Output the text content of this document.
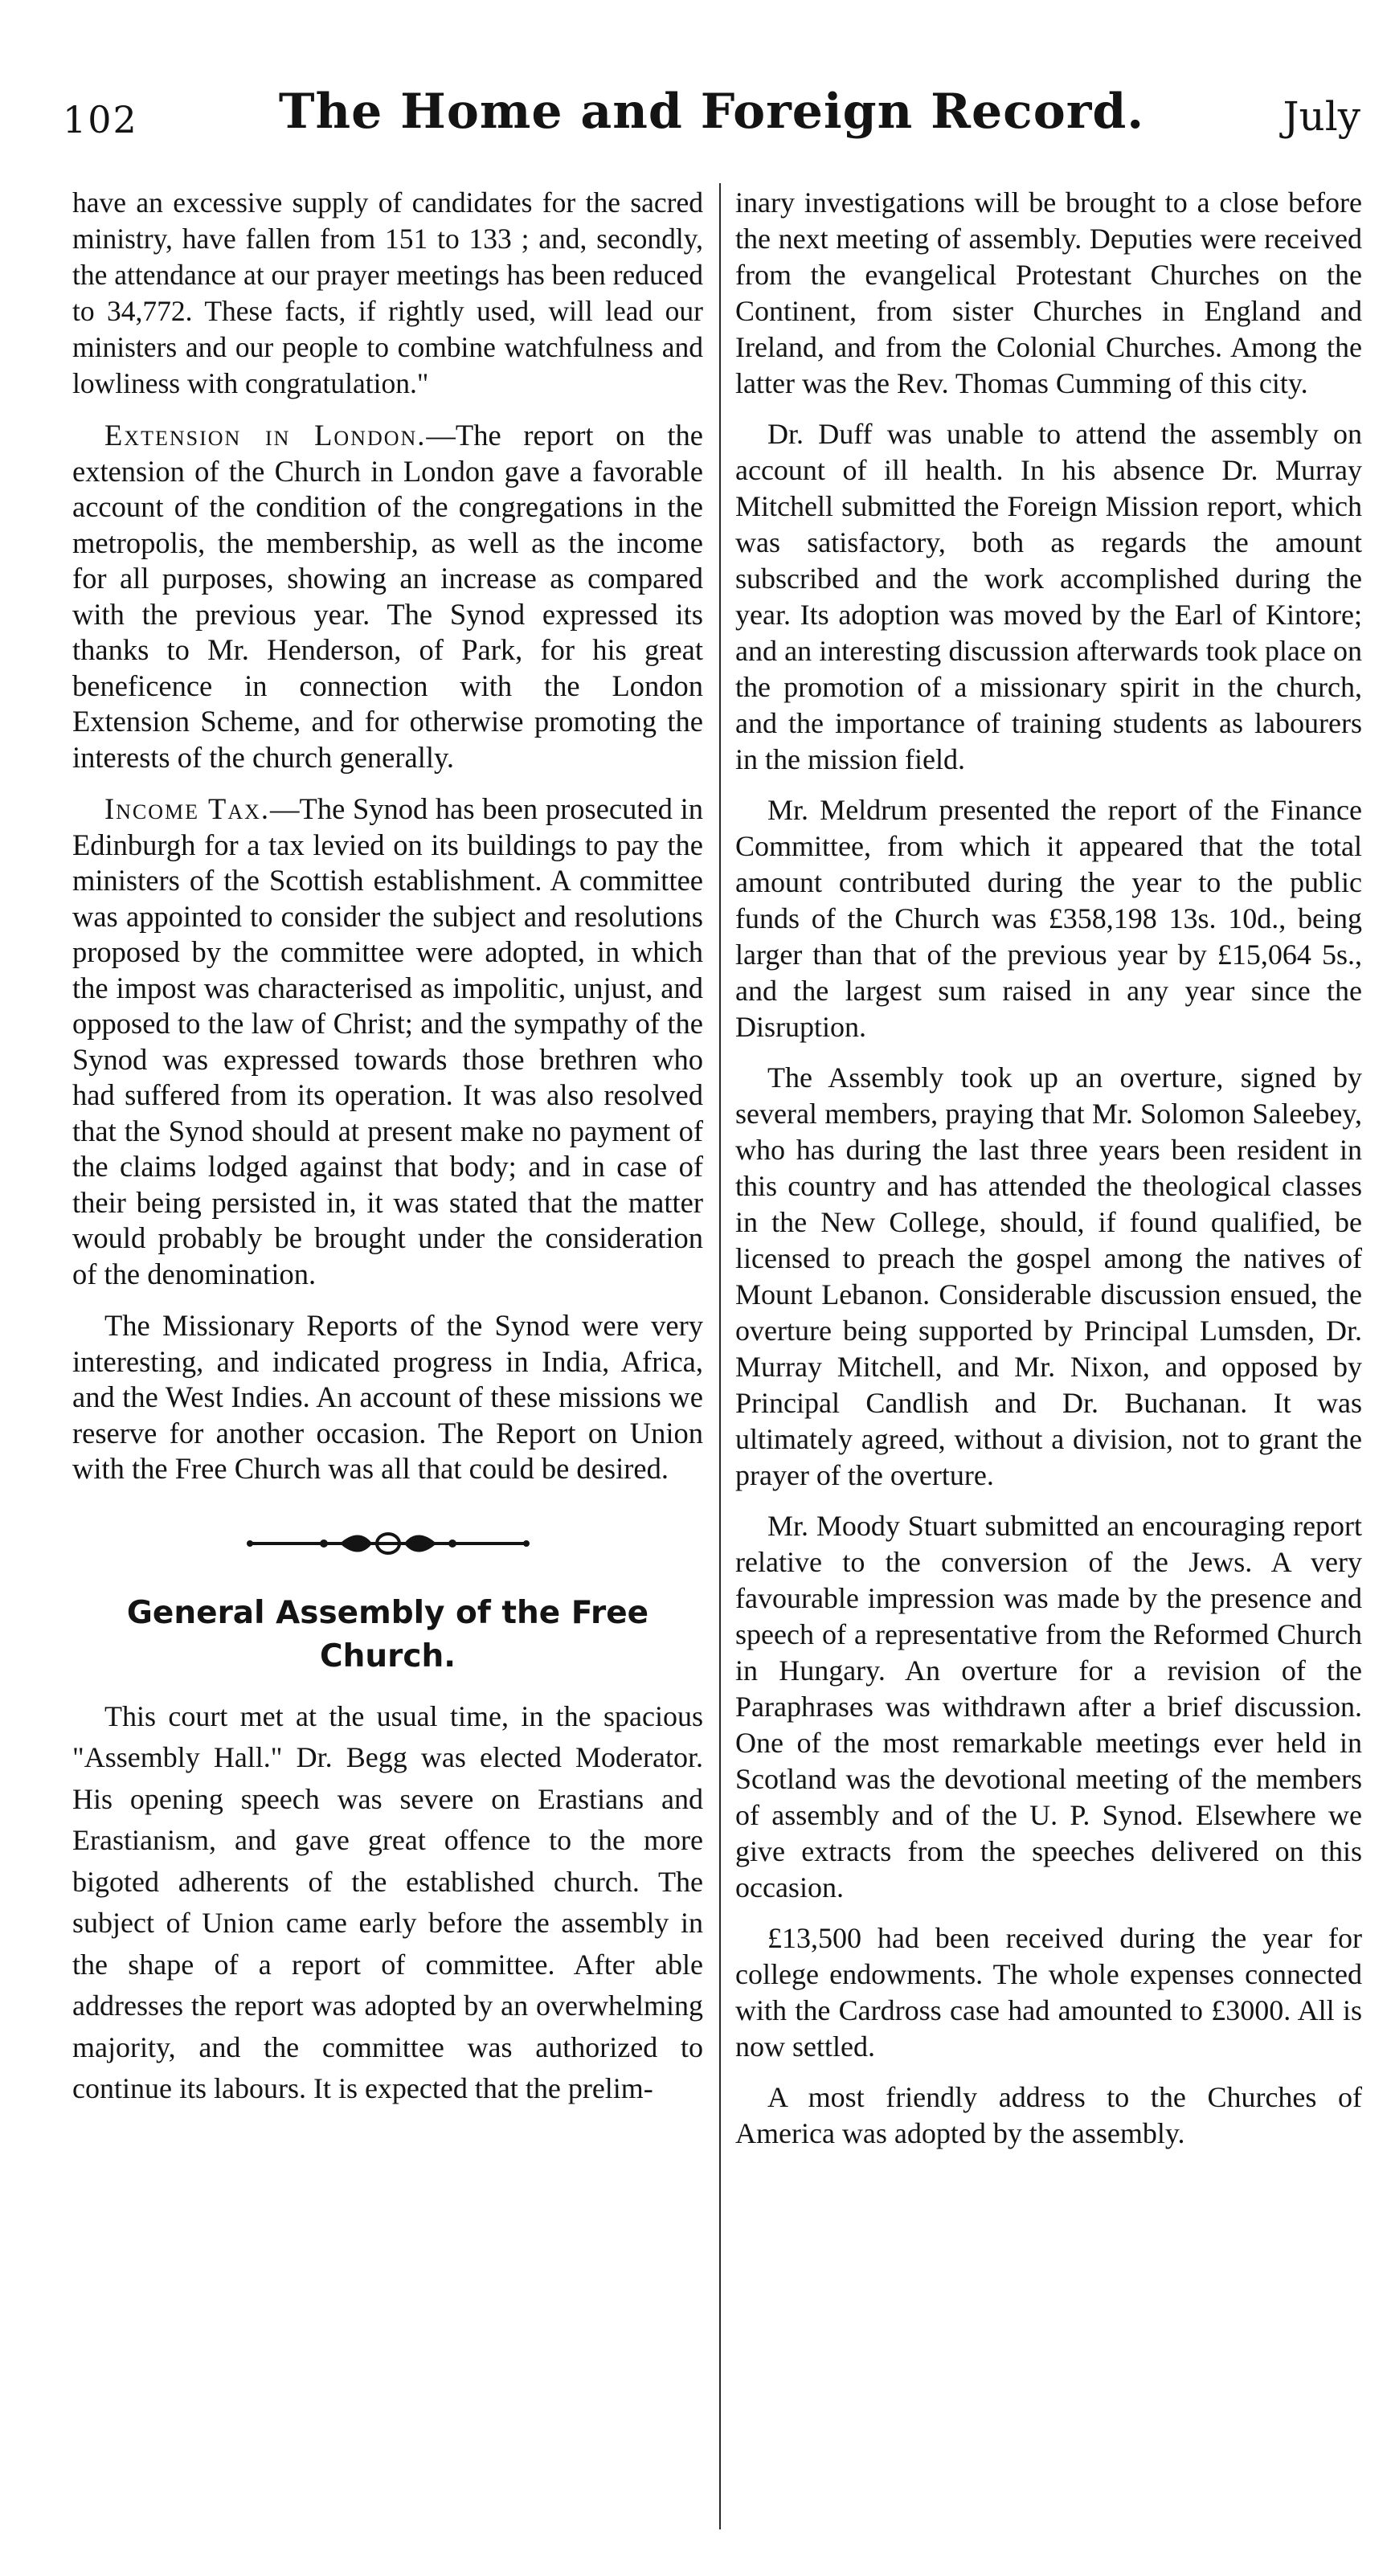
102	The Home and Foreign Record.	July

have an excessive supply of candidates for the sacred ministry, have fallen from 151 to 133 ; and, secondly, the attendance at our prayer meetings has been reduced to 34,772. These facts, if rightly used, will lead our ministers and our people to combine watchfulness and lowliness with congratulation."

Extension in London.—The report on the extension of the Church in London gave a favorable account of the condition of the congregations in the metropolis, the membership, as well as the income for all purposes, showing an increase as compared with the previous year. The Synod expressed its thanks to Mr. Henderson, of Park, for his great beneficence in connection with the London Extension Scheme, and for otherwise promoting the interests of the church generally.

Income Tax.—The Synod has been prosecuted in Edinburgh for a tax levied on its buildings to pay the ministers of the Scottish establishment. A committee was appointed to consider the subject and resolutions proposed by the committee were adopted, in which the impost was characterised as impolitic, unjust, and opposed to the law of Christ; and the sympathy of the Synod was expressed towards those brethren who had suffered from its operation. It was also resolved that the Synod should at present make no payment of the claims lodged against that body; and in case of their being persisted in, it was stated that the matter would probably be brought under the consideration of the denomination.

The Missionary Reports of the Synod were very interesting, and indicated progress in India, Africa, and the West Indies. An account of these missions we reserve for another occasion. The Report on Union with the Free Church was all that could be desired.

General Assembly of the Free Church.

This court met at the usual time, in the spacious "Assembly Hall." Dr. Begg was elected Moderator. His opening speech was severe on Erastians and Erastianism, and gave great offence to the more bigoted adherents of the established church. The subject of Union came early before the assembly in the shape of a report of committee. After able addresses the report was adopted by an overwhelming majority, and the committee was authorized to continue its labours. It is expected that the prelim-

inary investigations will be brought to a close before the next meeting of assembly. Deputies were received from the evangelical Protestant Churches on the Continent, from sister Churches in England and Ireland, and from the Colonial Churches. Among the latter was the Rev. Thomas Cumming of this city.

Dr. Duff was unable to attend the assembly on account of ill health. In his absence Dr. Murray Mitchell submitted the Foreign Mission report, which was satisfactory, both as regards the amount subscribed and the work accomplished during the year. Its adoption was moved by the Earl of Kintore; and an interesting discussion afterwards took place on the promotion of a missionary spirit in the church, and the importance of training students as labourers in the mission field.

Mr. Meldrum presented the report of the Finance Committee, from which it appeared that the total amount contributed during the year to the public funds of the Church was £358,198 13s. 10d., being larger than that of the previous year by £15,064 5s., and the largest sum raised in any year since the Disruption.

The Assembly took up an overture, signed by several members, praying that Mr. Solomon Saleebey, who has during the last three years been resident in this country and has attended the theological classes in the New College, should, if found qualified, be licensed to preach the gospel among the natives of Mount Lebanon. Considerable discussion ensued, the overture being supported by Principal Lumsden, Dr. Murray Mitchell, and Mr. Nixon, and opposed by Principal Candlish and Dr. Buchanan. It was ultimately agreed, without a division, not to grant the prayer of the overture.

Mr. Moody Stuart submitted an encouraging report relative to the conversion of the Jews. A very favourable impression was made by the presence and speech of a representative from the Reformed Church in Hungary. An overture for a revision of the Paraphrases was withdrawn after a brief discussion. One of the most remarkable meetings ever held in Scotland was the devotional meeting of the members of assembly and of the U. P. Synod. Elsewhere we give extracts from the speeches delivered on this occasion.

£13,500 had been received during the year for college endowments. The whole expenses connected with the Cardross case had amounted to £3000. All is now settled.

A most friendly address to the Churches of America was adopted by the assembly.
